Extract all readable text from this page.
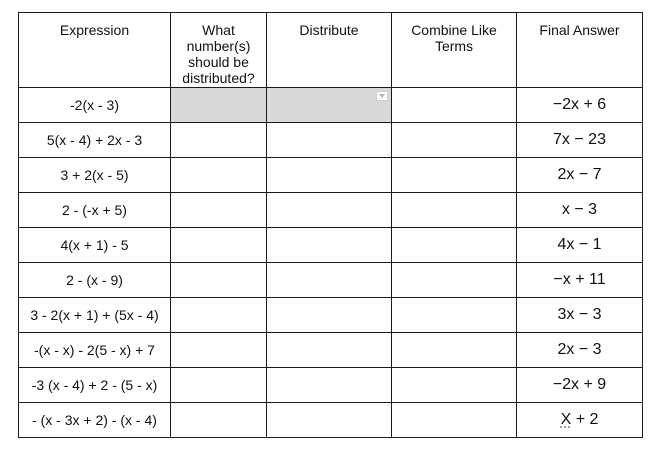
Expression	What number(s) should be distributed?	Distribute	Combine Like Terms	Final Answer
-2(x - 3)				−2x + 6
5(x - 4) + 2x - 3				7x − 23
3 + 2(x - 5)				2x − 7
2 - (-x + 5)				x − 3
4(x + 1) - 5				4x − 1
2 - (x - 9)				−x + 11
3 - 2(x + 1) + (5x - 4)				3x − 3
-(x - x) - 2(5 - x) + 7				2x − 3
-3 (x - 4) + 2 - (5 - x)				−2x + 9
- (x - 3x + 2) - (x - 4)				X + 2
